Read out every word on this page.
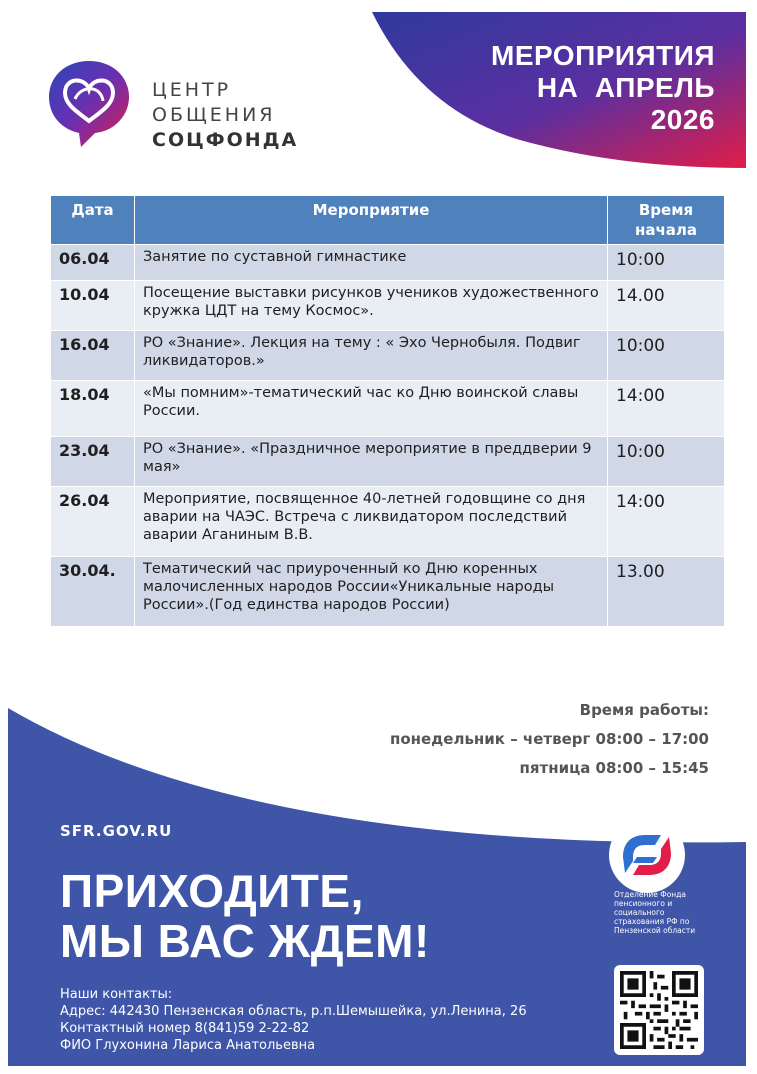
ЦЕНТР
ОБЩЕНИЯ
СОЦФОНДА
МЕРОПРИЯТИЯ
НА  АПРЕЛЬ
2026
Дата	Мероприятие	Время начала
06.04	Занятие по суставной гимнастике	10:00
10.04	Посещение выставки рисунков учеников художественного кружка ЦДТ на тему Космос».	14.00
16.04	РО «Знание». Лекция на тему : « Эхо Чернобыля. Подвиг ликвидаторов.»	10:00
18.04	«Мы помним»-тематический час ко Дню воинской славы России.	14:00
23.04	РО «Знание». «Праздничное мероприятие в преддверии 9 мая»	10:00
26.04	Мероприятие, посвященное 40-летней годовщине со дня аварии на ЧАЭС. Встреча с ликвидатором последствий аварии Аганиным В.В.	14:00
30.04.	Тематический час приуроченный ко Дню коренных малочисленных народов России«Уникальные народы России».(Год единства народов России)	13.00
Время работы:
понедельник – четверг 08:00 – 17:00
пятница 08:00 – 15:45
SFR.GOV.RU
ПРИХОДИТЕ,
МЫ ВАС ЖДЕМ!
Наши контакты:
Адрес: 442430 Пензенская область, р.п.Шемышейка, ул.Ленина, 26
Контактный номер 8(841)59 2-22-82
ФИО Глухонина Лариса Анатольевна
Отделение Фонда пенсионного и социального страхования РФ по Пензенской области
